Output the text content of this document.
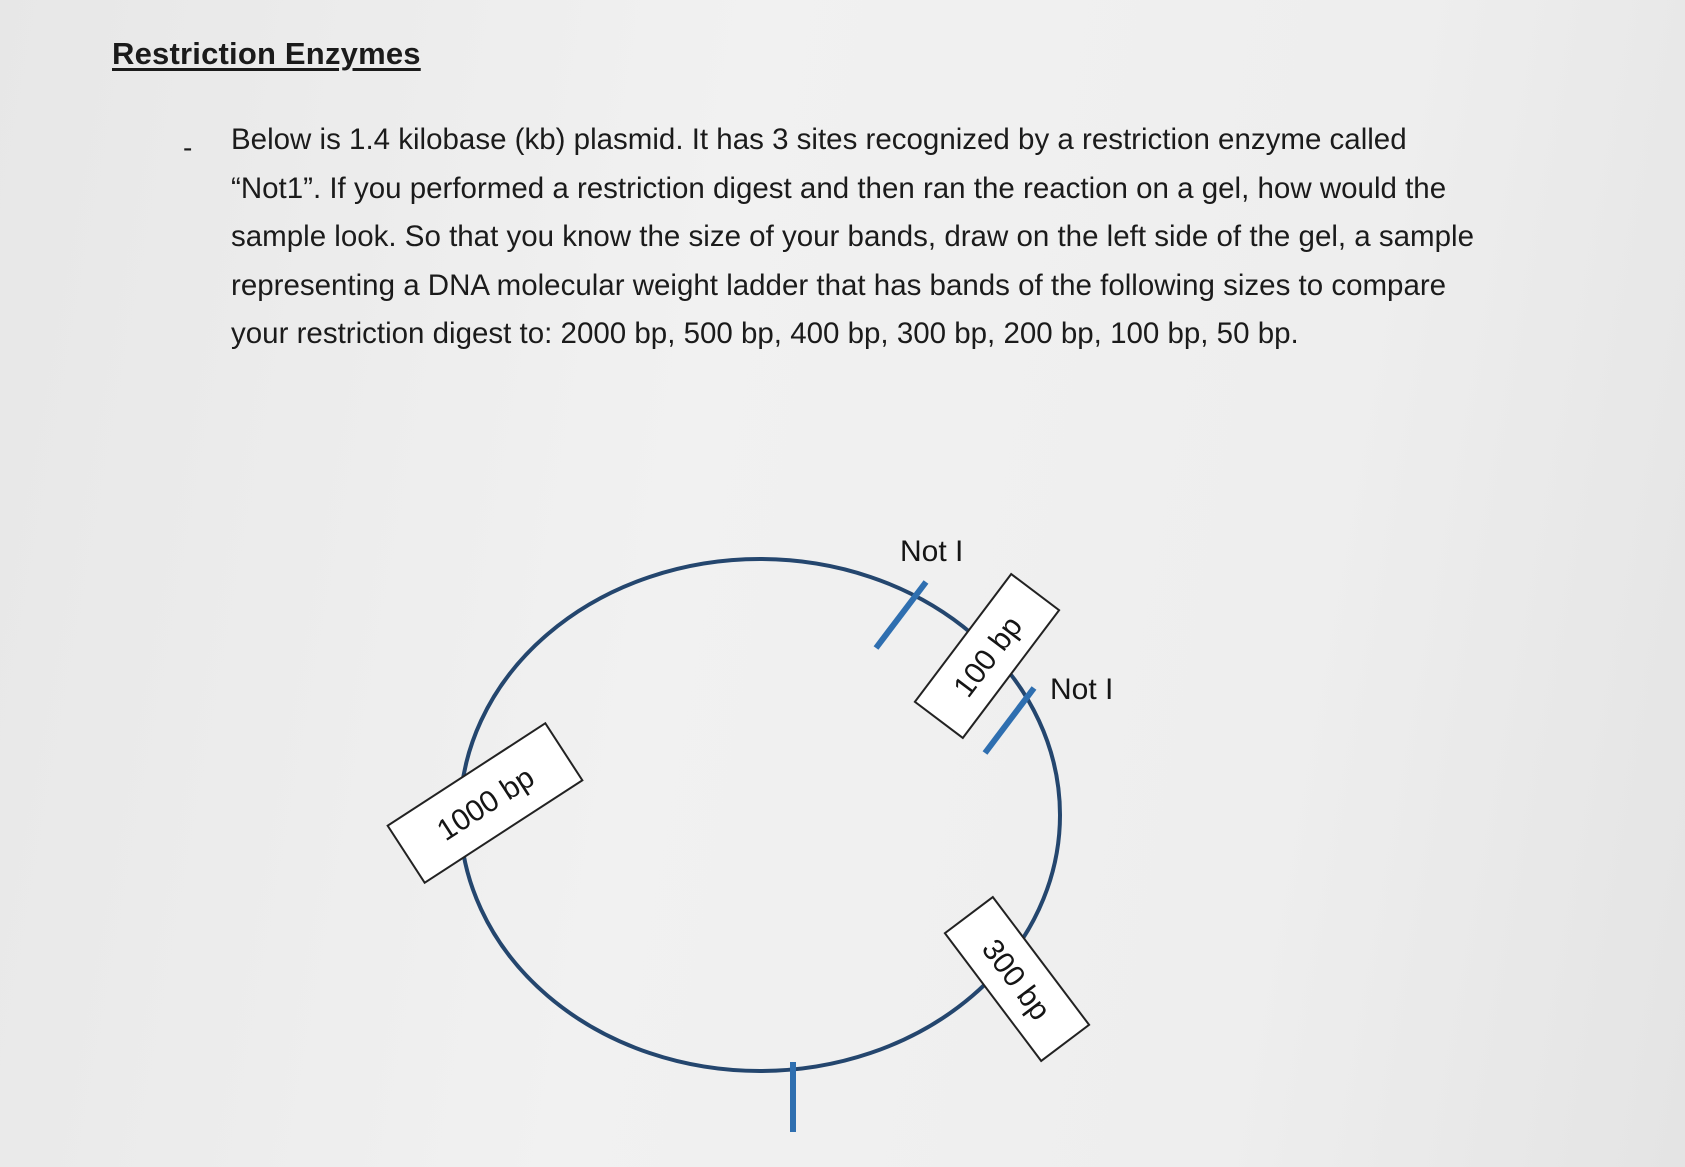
Restriction Enzymes
- Below is 1.4 kilobase (kb) plasmid. It has 3 sites recognized by a restriction enzyme called
“Not1”. If you performed a restriction digest and then ran the reaction on a gel, how would the
sample look. So that you know the size of your bands, draw on the left side of the gel, a sample
representing a DNA molecular weight ladder that has bands of the following sizes to compare
your restriction digest to: 2000 bp, 500 bp, 400 bp, 300 bp, 200 bp, 100 bp, 50 bp.

Not I
Not I
100 bp
300 bp
1000 bp
